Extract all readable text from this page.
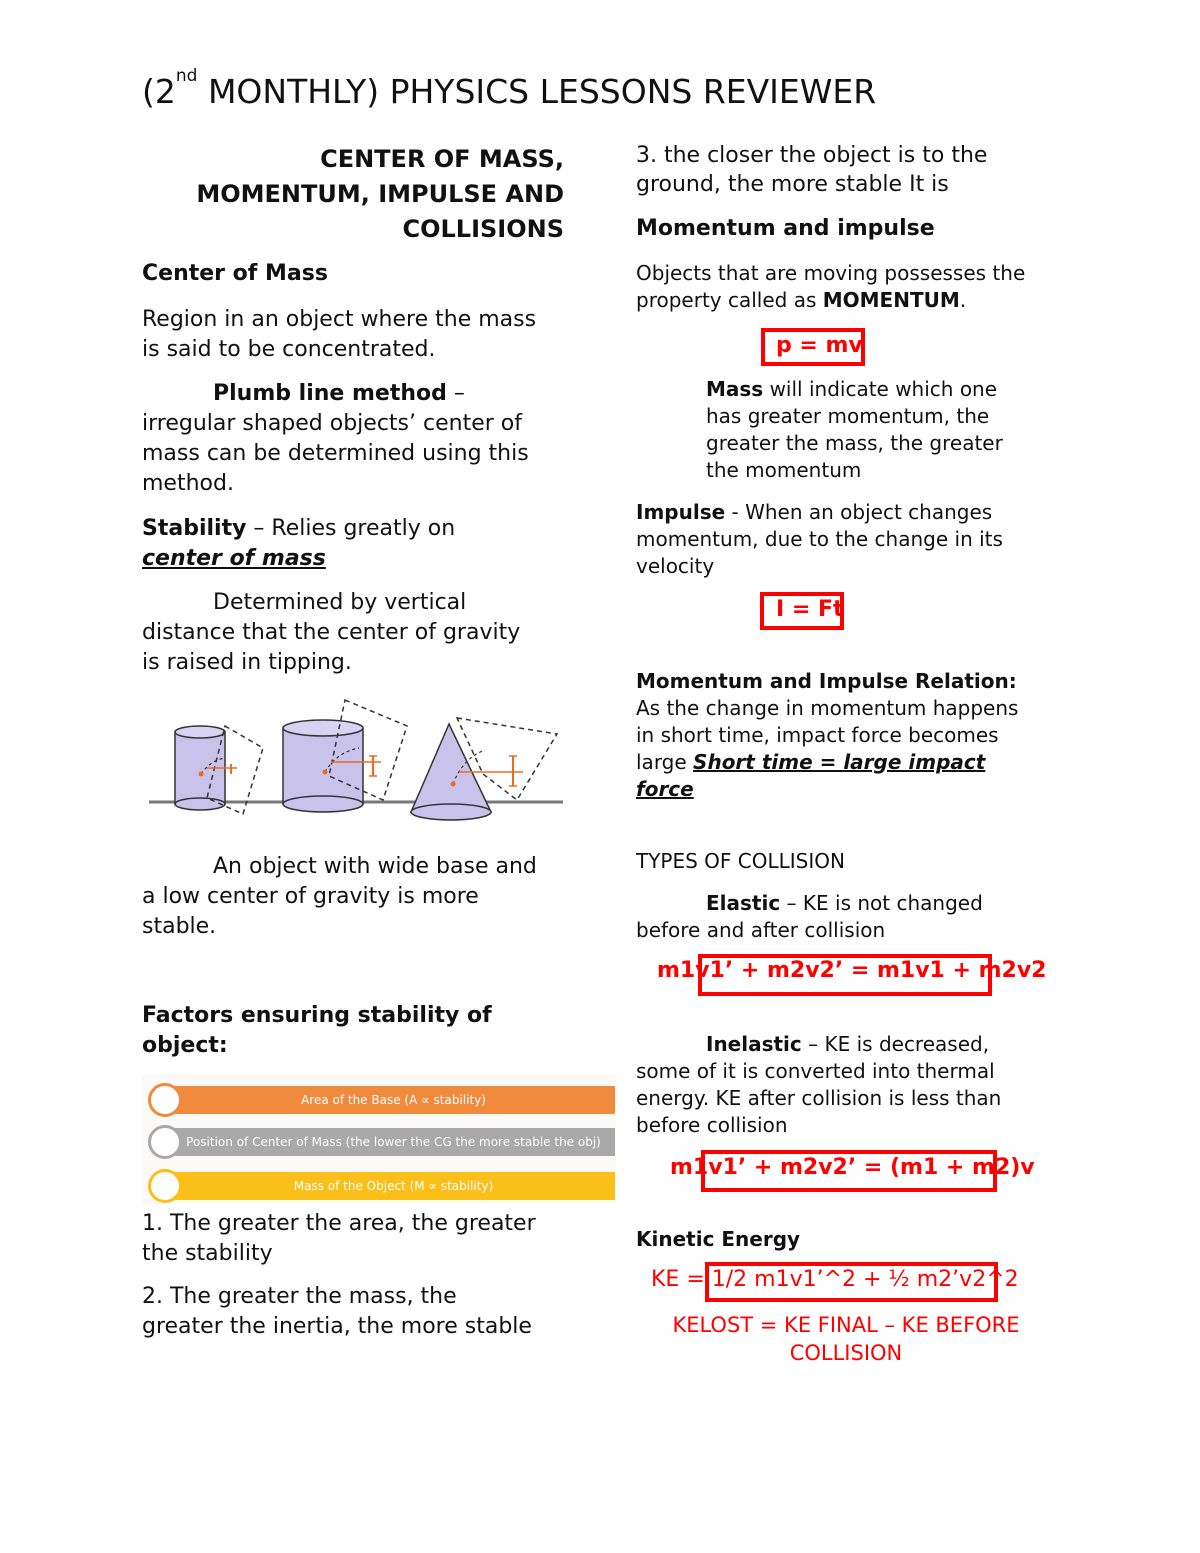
(2nd MONTHLY) PHYSICS LESSONS REVIEWER
CENTER OF MASS,
MOMENTUM, IMPULSE AND
COLLISIONS
Center of Mass
Region in an object where the mass
is said to be concentrated.
Plumb line method –
irregular shaped objects’ center of
mass can be determined using this
method.
Stability – Relies greatly on
center of mass
Determined by vertical
distance that the center of gravity
is raised in tipping.
An object with wide base and
a low center of gravity is more
stable.
Factors ensuring stability of
object:
Area of the Base (A ∝ stability)
Position of Center of Mass (the lower the CG the more stable the obj)
Mass of the Object (M ∝ stability)
1. The greater the area, the greater
the stability
2. The greater the mass, the
greater the inertia, the more stable
3. the closer the object is to the
ground, the more stable It is
Momentum and impulse
Objects that are moving possesses the
property called as MOMENTUM.
p = mv
Mass will indicate which one
has greater momentum, the
greater the mass, the greater
the momentum
Impulse - When an object changes
momentum, due to the change in its
velocity
I = Ft
Momentum and Impulse Relation:
As the change in momentum happens
in short time, impact force becomes
large Short time = large impact
force
TYPES OF COLLISION
Elastic – KE is not changed
before and after collision
m1v1’ + m2v2’ = m1v1 + m2v2
Inelastic – KE is decreased,
some of it is converted into thermal
energy. KE after collision is less than
before collision
m1v1’ + m2v2’ = (m1 + m2)v
Kinetic Energy
KE = 1/2 m1v1’^2 + ½ m2’v2^2
KELOST = KE FINAL – KE BEFORE
COLLISION
